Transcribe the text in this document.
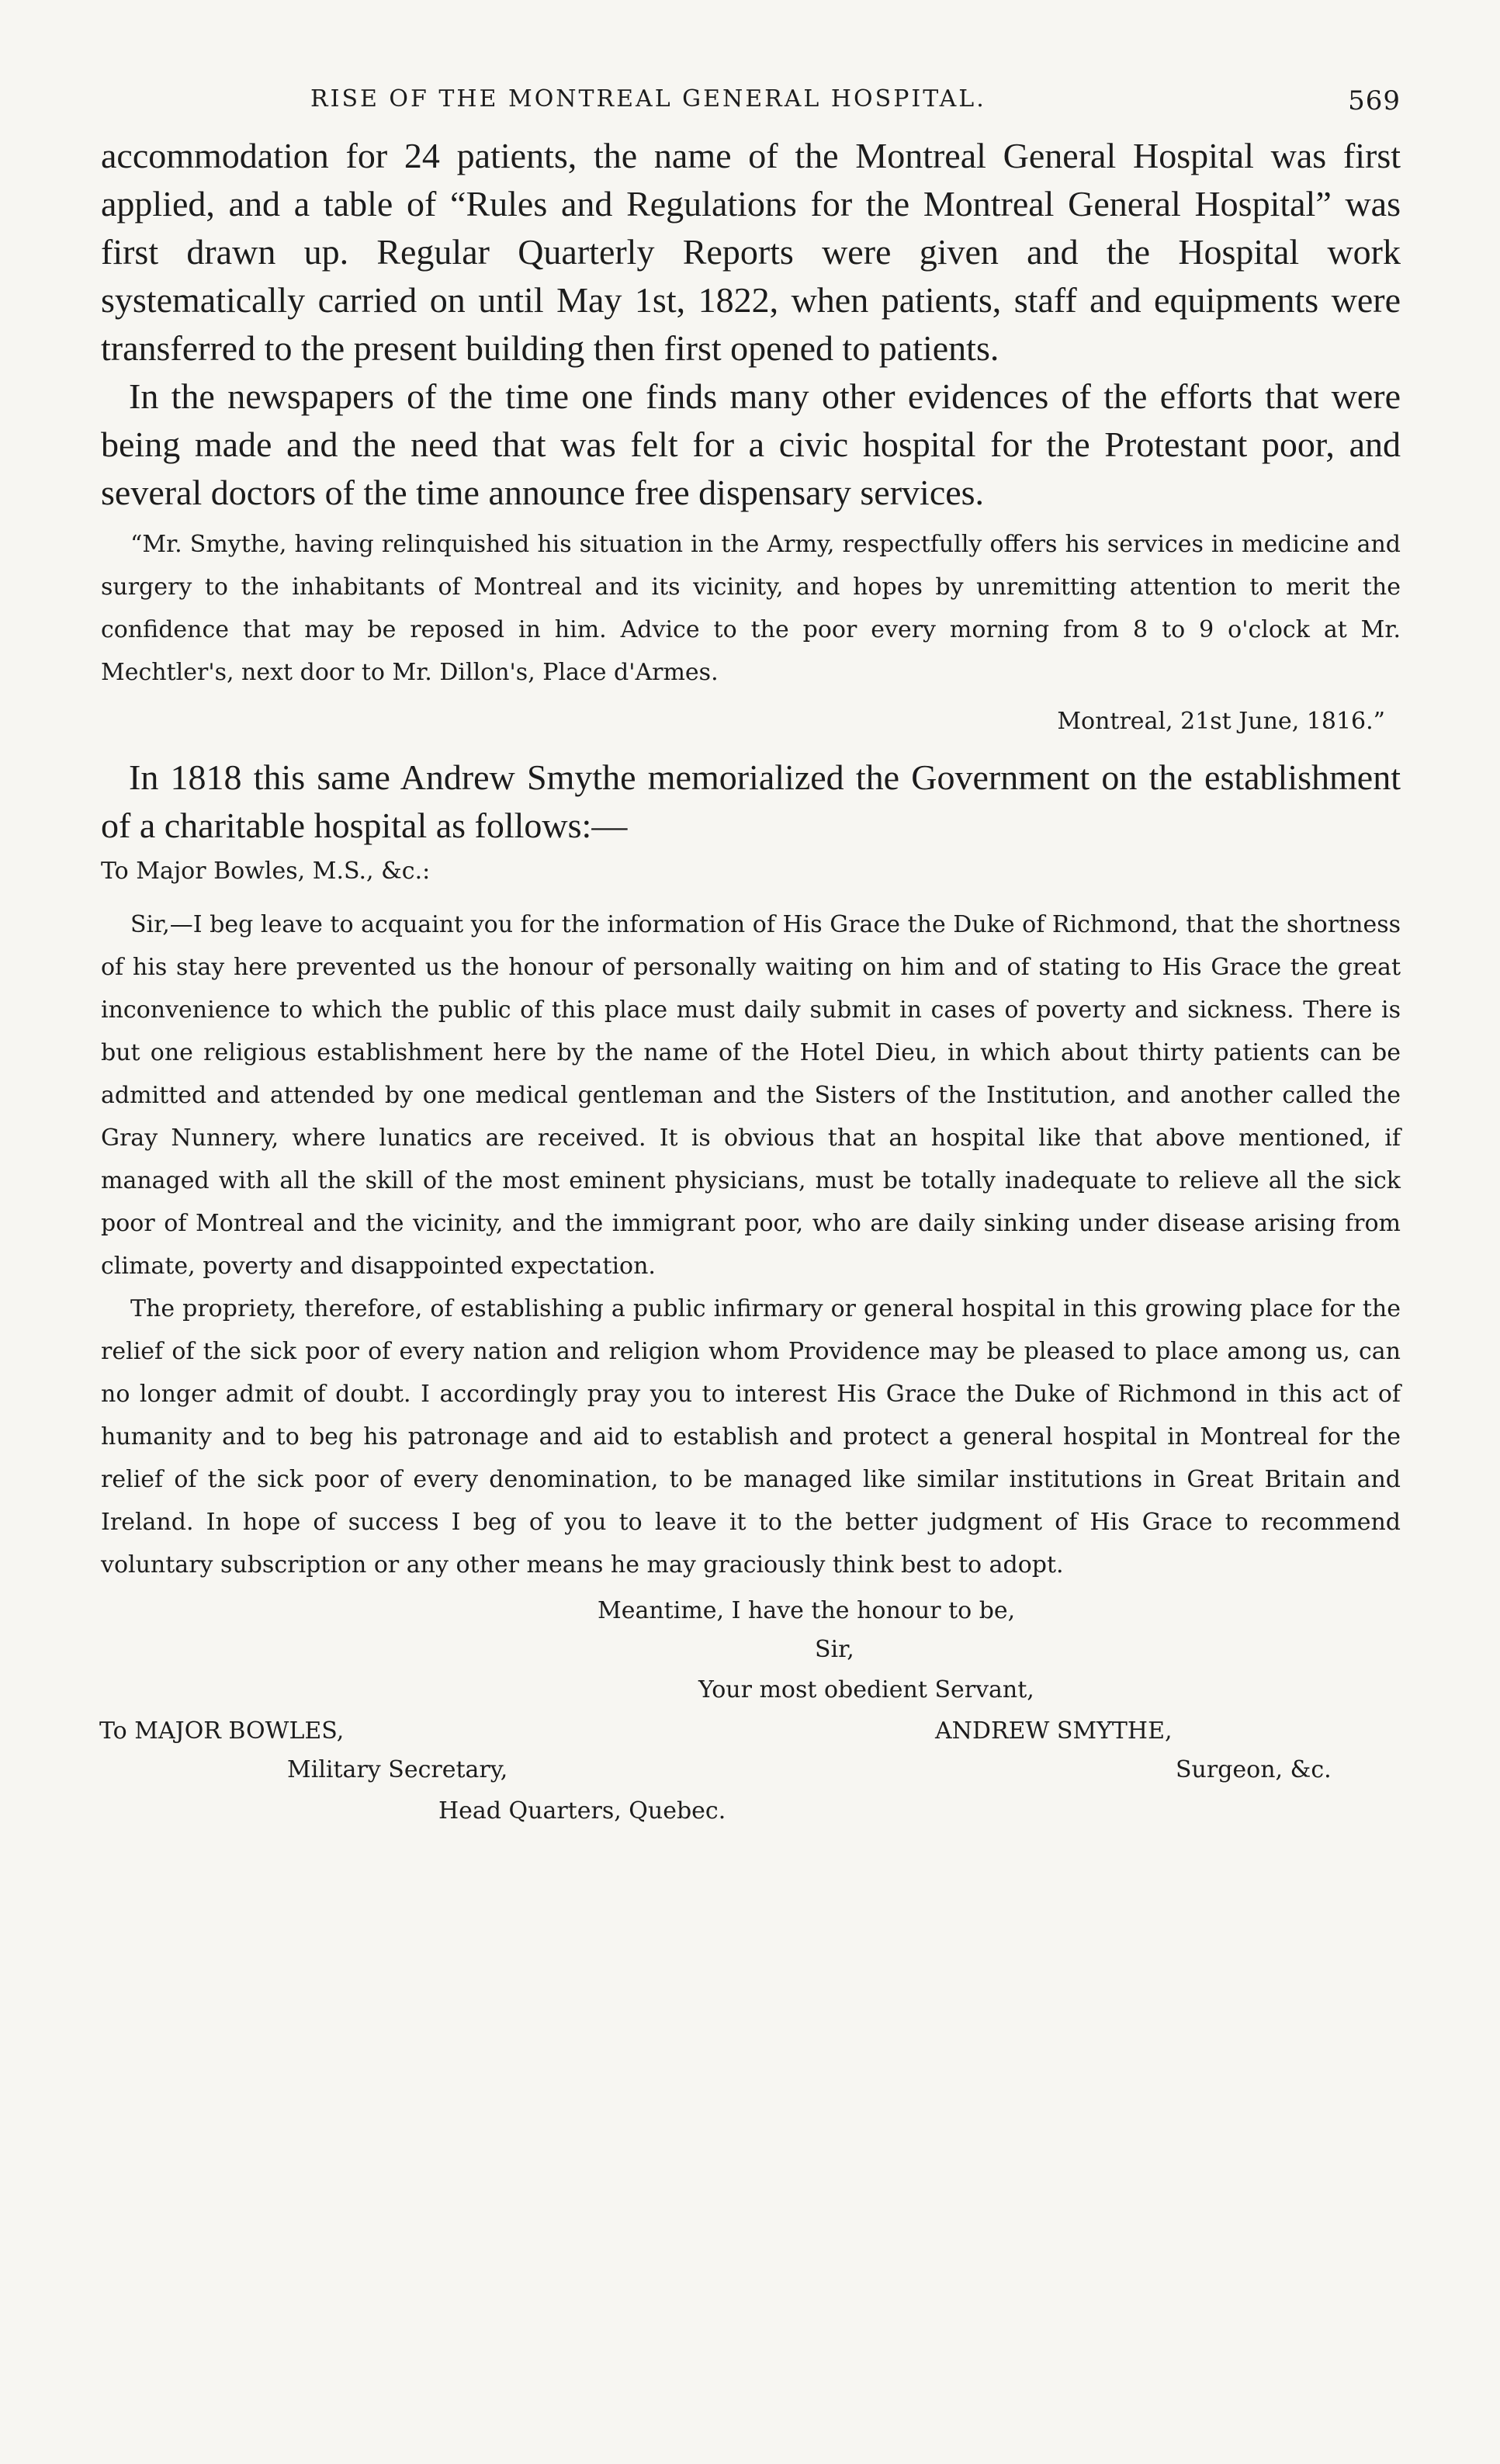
RISE OF THE MONTREAL GENERAL HOSPITAL.	569

accommodation for 24 patients, the name of the Montreal General Hospital was first applied, and a table of “Rules and Regulations for the Montreal General Hospital” was first drawn up. Regular Quarterly Reports were given and the Hospital work systematically carried on until May 1st, 1822, when patients, staff and equipments were transferred to the present building then first opened to patients.

In the newspapers of the time one finds many other evidences of the efforts that were being made and the need that was felt for a civic hospital for the Protestant poor, and several doctors of the time announce free dispensary services.

“Mr. Smythe, having relinquished his situation in the Army, respectfully offers his services in medicine and surgery to the inhabitants of Montreal and its vicinity, and hopes by unremitting attention to merit the confidence that may be reposed in him. Advice to the poor every morning from 8 to 9 o'clock at Mr. Mechtler's, next door to Mr. Dillon's, Place d'Armes.

Montreal, 21st June, 1816.”

In 1818 this same Andrew Smythe memorialized the Government on the establishment of a charitable hospital as follows:—

To Major Bowles, M.S., &c.:

Sir,—I beg leave to acquaint you for the information of His Grace the Duke of Richmond, that the shortness of his stay here prevented us the honour of personally waiting on him and of stating to His Grace the great inconvenience to which the public of this place must daily submit in cases of poverty and sickness. There is but one religious establishment here by the name of the Hotel Dieu, in which about thirty patients can be admitted and attended by one medical gentleman and the Sisters of the Institution, and another called the Gray Nunnery, where lunatics are received. It is obvious that an hospital like that above mentioned, if managed with all the skill of the most eminent physicians, must be totally inadequate to relieve all the sick poor of Montreal and the vicinity, and the immigrant poor, who are daily sinking under disease arising from climate, poverty and disappointed expectation.

The propriety, therefore, of establishing a public infirmary or general hospital in this growing place for the relief of the sick poor of every nation and religion whom Providence may be pleased to place among us, can no longer admit of doubt. I accordingly pray you to interest His Grace the Duke of Richmond in this act of humanity and to beg his patronage and aid to establish and protect a general hospital in Montreal for the relief of the sick poor of every denomination, to be managed like similar institutions in Great Britain and Ireland. In hope of success I beg of you to leave it to the better judgment of His Grace to recommend voluntary subscription or any other means he may graciously think best to adopt.

Meantime, I have the honour to be,
Sir,
Your most obedient Servant,
To MAJOR BOWLES,	ANDREW SMYTHE,
Military Secretary,	Surgeon, &c.
Head Quarters, Quebec.
